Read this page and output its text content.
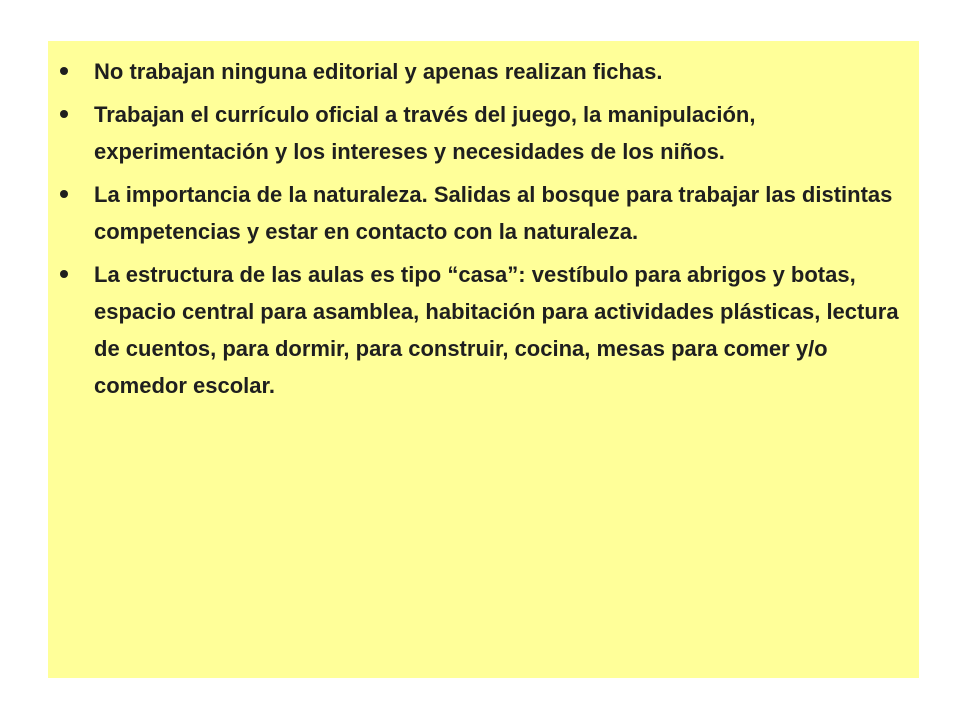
No trabajan ninguna editorial y apenas realizan fichas.
Trabajan el currículo oficial a través del juego, la manipulación, experimentación y los intereses y necesidades de los niños.
La importancia de la naturaleza. Salidas al bosque para trabajar las distintas competencias y estar en contacto con la naturaleza.
La estructura de las aulas es tipo “casa”: vestíbulo para abrigos y botas, espacio central para asamblea, habitación para actividades plásticas, lectura de cuentos, para dormir, para construir, cocina, mesas para comer y/o comedor escolar.
